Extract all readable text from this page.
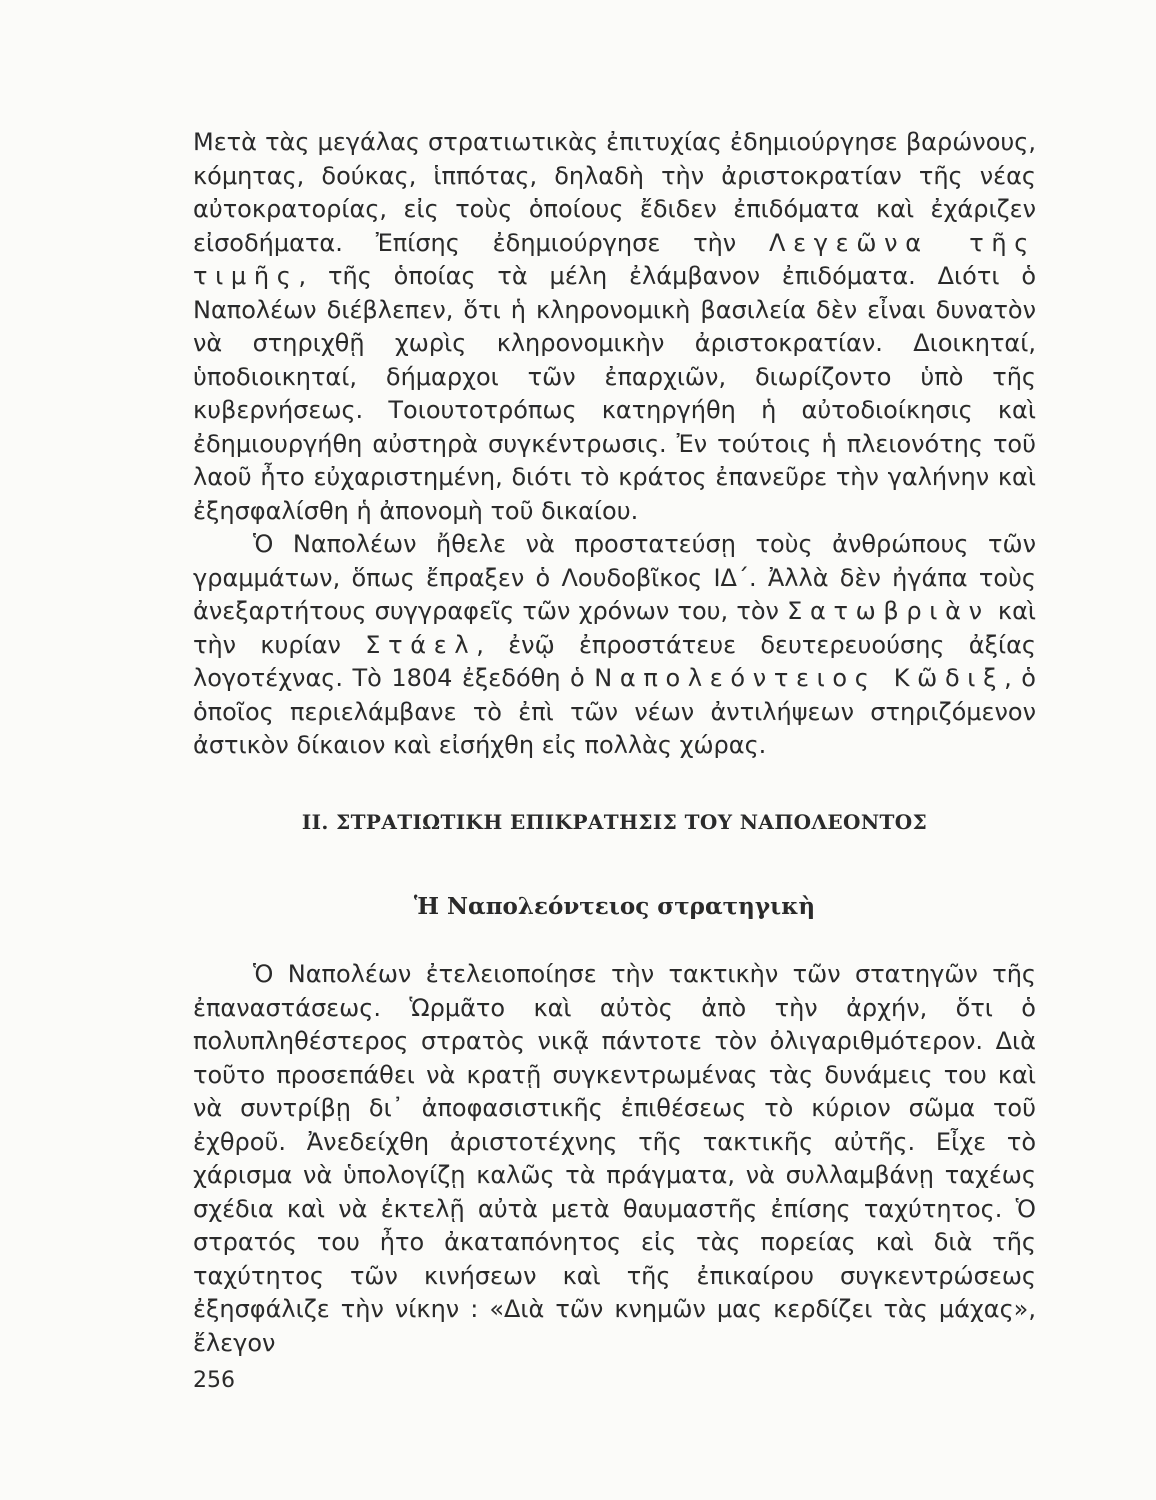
Μετὰ τὰς μεγάλας στρατιωτικὰς ἐπιτυχίας ἐδημιούργησε βαρώνους, κόμητας, δούκας, ἱππότας, δηλαδὴ τὴν ἀριστοκρατίαν τῆς νέας αὐτοκρατορίας, εἰς τοὺς ὁποίους ἔδιδεν ἐπιδόματα καὶ ἐχάριζεν εἰσοδήματα. Ἐπίσης ἐδημιούργησε τὴν Λεγεῶνα τῆς τιμῆς, τῆς ὁποίας τὰ μέλη ἐλάμβανον ἐπιδόματα. Διότι ὁ Ναπολέων διέβλεπεν, ὅτι ἡ κληρονομικὴ βασιλεία δὲν εἶναι δυνατὸν νὰ στηριχθῇ χωρὶς κληρονομικὴν ἀριστοκρατίαν. Διοικηταί, ὑποδιοικηταί, δήμαρχοι τῶν ἐπαρχιῶν, διωρίζοντο ὑπὸ τῆς κυβερνήσεως. Τοιουτοτρόπως κατηργήθη ἡ αὐτοδιοίκησις καὶ ἐδημιουργήθη αὐστηρὰ συγκέντρωσις. Ἐν τούτοις ἡ πλειονότης τοῦ λαοῦ ἦτο εὐχαριστημένη, διότι τὸ κράτος ἐπανεῦρε τὴν γαλήνην καὶ ἐξησφαλίσθη ἡ ἀπονομὴ τοῦ δικαίου.

Ὁ Ναπολέων ἤθελε νὰ προστατεύσῃ τοὺς ἀνθρώπους τῶν γραμμάτων, ὅπως ἔπραξεν ὁ Λουδοβῖκος ΙΔ΄. Ἀλλὰ δὲν ἠγάπα τοὺς ἀνεξαρτήτους συγγραφεῖς τῶν χρόνων του, τὸν Σατωβριὰν καὶ τὴν κυρίαν Στάελ, ἐνῷ ἐπροστάτευε δευτερευούσης ἀξίας λογοτέχνας. Τὸ 1804 ἐξεδόθη ὁ Ναπολεόντειος Κῶδιξ, ὁ ὁποῖος περιελάμβανε τὸ ἐπὶ τῶν νέων ἀντιλήψεων στηριζόμενον ἀστικὸν δίκαιον καὶ εἰσήχθη εἰς πολλὰς χώρας.

II. ΣΤΡΑΤΙΩΤΙΚΗ ΕΠΙΚΡΑΤΗΣΙΣ ΤΟΥ ΝΑΠΟΛΕΟΝΤΟΣ
Ἡ Ναπολεόντειος στρατηγικὴ

Ὁ Ναπολέων ἐτελειοποίησε τὴν τακτικὴν τῶν στατηγῶν τῆς ἐπαναστάσεως. Ὡρμᾶτο καὶ αὐτὸς ἀπὸ τὴν ἀρχήν, ὅτι ὁ πολυπληθέστερος στρατὸς νικᾷ πάντοτε τὸν ὀλιγαριθμότερον. Διὰ τοῦτο προσεπάθει νὰ κρατῇ συγκεντρωμένας τὰς δυνάμεις του καὶ νὰ συντρίβῃ δι᾽ ἀποφασιστικῆς ἐπιθέσεως τὸ κύριον σῶμα τοῦ ἐχθροῦ. Ἀνεδείχθη ἀριστοτέχνης τῆς τακτικῆς αὐτῆς. Εἶχε τὸ χάρισμα νὰ ὑπολογίζῃ καλῶς τὰ πράγματα, νὰ συλλαμβάνῃ ταχέως σχέδια καὶ νὰ ἐκτελῇ αὐτὰ μετὰ θαυμαστῆς ἐπίσης ταχύτητος. Ὁ στρατός του ἦτο ἀκαταπόνητος εἰς τὰς πορείας καὶ διὰ τῆς ταχύτητος τῶν κινήσεων καὶ τῆς ἐπικαίρου συγκεντρώσεως ἐξησφάλιζε τὴν νίκην : «Διὰ τῶν κνημῶν μας κερδίζει τὰς μάχας», ἔλεγον

256
